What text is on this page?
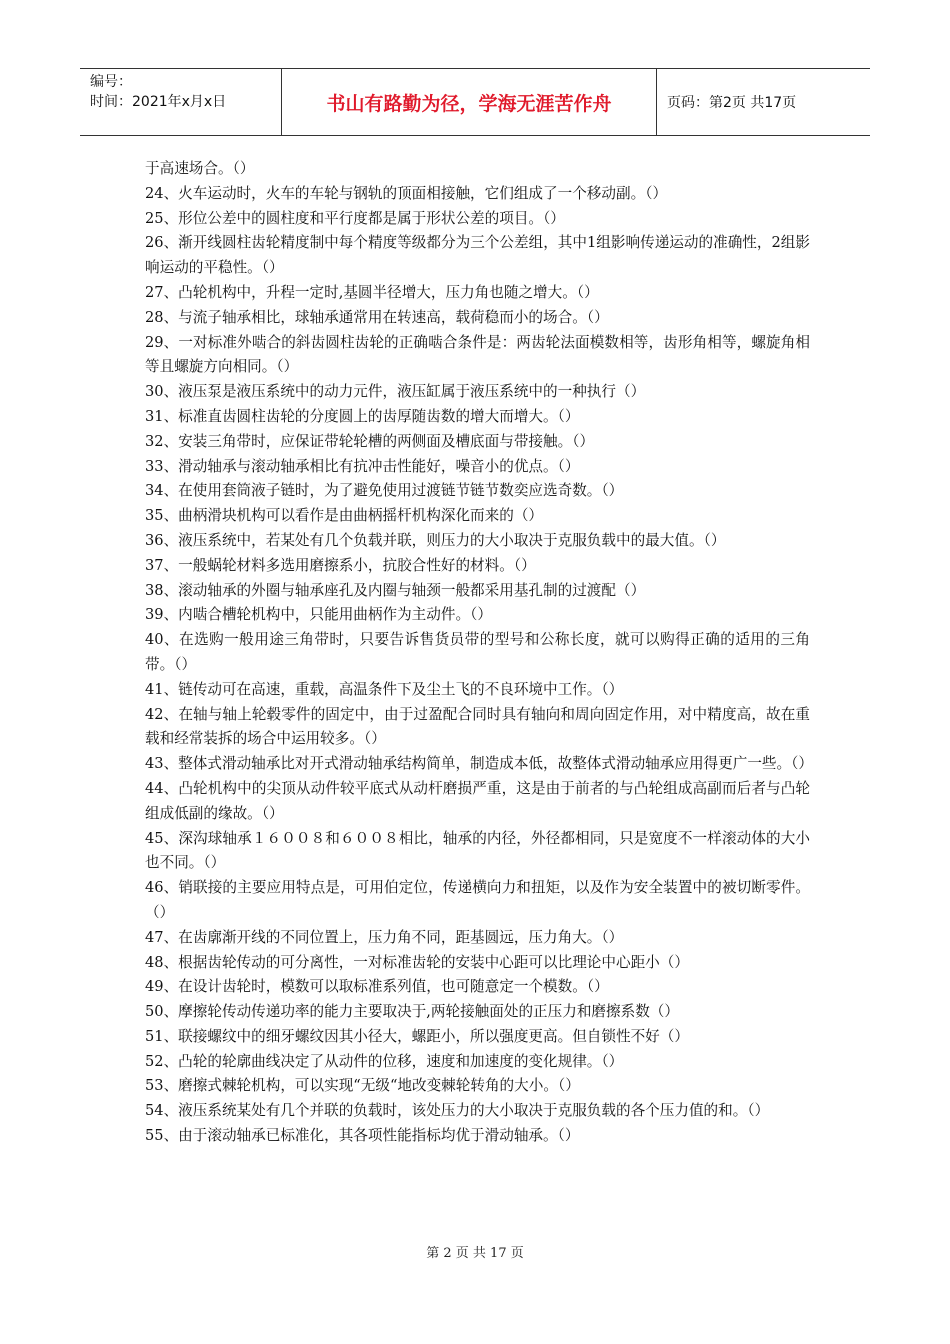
编号：
时间：2021年x月x日	书山有路勤为径，学海无涯苦作舟	页码：第2页 共17页

于高速场合。（）

24、火车运动时，火车的车轮与钢轨的顶面相接触，它们组成了一个移动副。（）

25、形位公差中的圆柱度和平行度都是属于形状公差的项目。（）

26、渐开线圆柱齿轮精度制中每个精度等级都分为三个公差组，其中1组影响传递运动的准确性，2组影响运动的平稳性。（）

27、凸轮机构中，升程一定时,基圆半径增大，压力角也随之增大。（）

28、与流子轴承相比，球轴承通常用在转速高，载荷稳而小的场合。（）

29、一对标准外啮合的斜齿圆柱齿轮的正确啮合条件是：两齿轮法面模数相等，齿形角相等，螺旋角相等且螺旋方向相同。（）

30、液压泵是液压系统中的动力元件，液压缸属于液压系统中的一种执行（）

31、标准直齿圆柱齿轮的分度圆上的齿厚随齿数的增大而增大。（）

32、安装三角带时，应保证带轮轮槽的两侧面及槽底面与带接触。（）

33、滑动轴承与滚动轴承相比有抗冲击性能好，噪音小的优点。（）

34、在使用套筒液子链时，为了避免使用过渡链节链节数奕应选奇数。（）

35、曲柄滑块机构可以看作是由曲柄摇杆机构深化而来的（）

36、液压系统中，若某处有几个负载并联，则压力的大小取决于克服负载中的最大值。（）

37、一般蜗轮材料多选用磨擦系小，抗胶合性好的材料。（）

38、滚动轴承的外圈与轴承座孔及内圈与轴颈一般都采用基孔制的过渡配（）

39、内啮合槽轮机构中，只能用曲柄作为主动件。（）

40、在选购一般用途三角带时，只要告诉售货员带的型号和公称长度，就可以购得正确的适用的三角带。（）

41、链传动可在高速，重载，高温条件下及尘土飞的不良环境中工作。（）

42、在轴与轴上轮毂零件的固定中，由于过盈配合同时具有轴向和周向固定作用，对中精度高，故在重载和经常装拆的场合中运用较多。（）

43、整体式滑动轴承比对开式滑动轴承结构简单，制造成本低，故整体式滑动轴承应用得更广一些。（）

44、凸轮机构中的尖顶从动件较平底式从动杆磨损严重，这是由于前者的与凸轮组成高副而后者与凸轮组成低副的缘故。（）

45、深沟球轴承１６００８和６００８相比，轴承的内径，外径都相同，只是宽度不一样滚动体的大小也不同。（）

46、销联接的主要应用特点是，可用伯定位，传递横向力和扭矩，以及作为安全装置中的被切断零件。（）

47、在齿廓渐开线的不同位置上，压力角不同，距基圆远，压力角大。（）

48、根据齿轮传动的可分离性，一对标准齿轮的安装中心距可以比理论中心距小（）

49、在设计齿轮时，模数可以取标准系列值，也可随意定一个模数。（）

50、摩擦轮传动传递功率的能力主要取决于,两轮接触面处的正压力和磨擦系数（）

51、联接螺纹中的细牙螺纹因其小径大，螺距小，所以强度更高。但自锁性不好（）

52、凸轮的轮廓曲线决定了从动件的位移，速度和加速度的变化规律。（）

53、磨擦式棘轮机构，可以实现“无级“地改变棘轮转角的大小。（）

54、液压系统某处有几个并联的负载时，该处压力的大小取决于克服负载的各个压力值的和。（）

55、由于滚动轴承已标准化，其各项性能指标均优于滑动轴承。（）

第 2 页 共 17 页
